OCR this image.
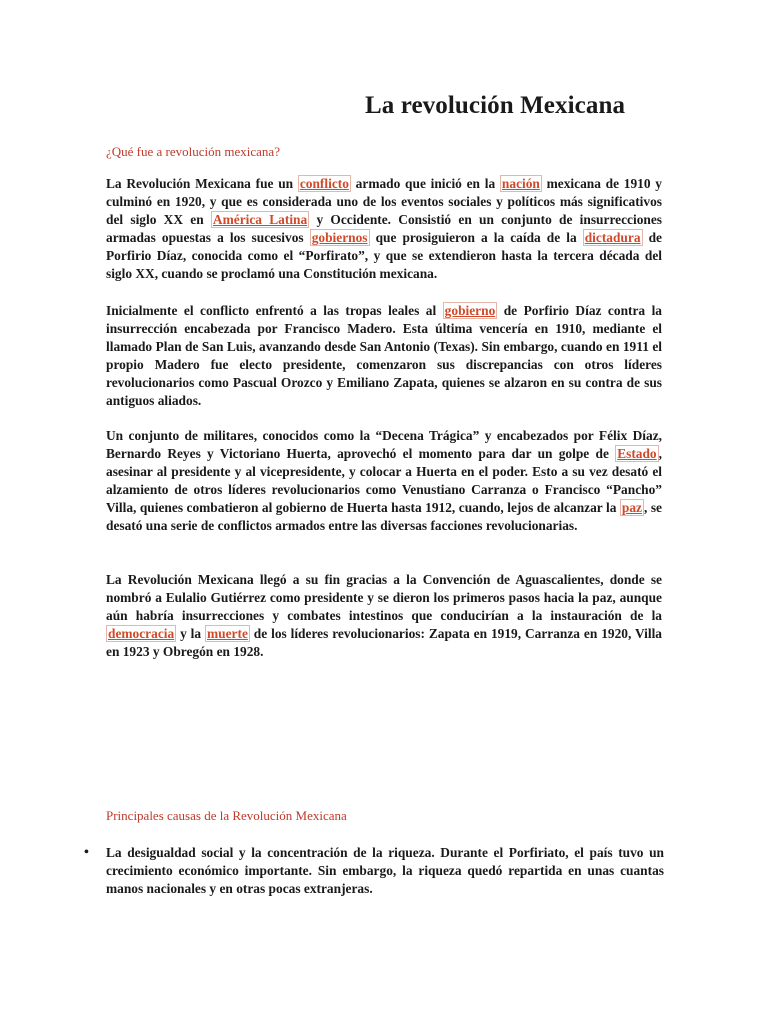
La revolución Mexicana

¿Qué fue a revolución mexicana?

La Revolución Mexicana fue un conflicto armado que inició en la nación mexicana de 1910 y culminó en 1920, y que es considerada uno de los eventos sociales y políticos más significativos del siglo XX en América Latina y Occidente. Consistió en un conjunto de insurrecciones armadas opuestas a los sucesivos gobiernos que prosiguieron a la caída de la dictadura de Porfirio Díaz, conocida como el “Porfirato”, y que se extendieron hasta la tercera década del siglo XX, cuando se proclamó una Constitución mexicana.

Inicialmente el conflicto enfrentó a las tropas leales al gobierno de Porfirio Díaz contra la insurrección encabezada por Francisco Madero. Esta última vencería en 1910, mediante el llamado Plan de San Luis, avanzando desde San Antonio (Texas). Sin embargo, cuando en 1911 el propio Madero fue electo presidente, comenzaron sus discrepancias con otros líderes revolucionarios como Pascual Orozco y Emiliano Zapata, quienes se alzaron en su contra de sus antiguos aliados.

Un conjunto de militares, conocidos como la “Decena Trágica” y encabezados por Félix Díaz, Bernardo Reyes y Victoriano Huerta, aprovechó el momento para dar un golpe de Estado , asesinar al presidente y al vicepresidente, y colocar a Huerta en el poder. Esto a su vez desató el alzamiento de otros líderes revolucionarios como Venustiano Carranza o Francisco “Pancho” Villa, quienes combatieron al gobierno de Huerta hasta 1912, cuando, lejos de alcanzar la paz , se desató una serie de conflictos armados entre las diversas facciones revolucionarias.

La Revolución Mexicana llegó a su fin gracias a la Convención de Aguascalientes, donde se nombró a Eulalio Gutiérrez como presidente y se dieron los primeros pasos hacia la paz, aunque aún habría insurrecciones y combates intestinos que conducirían a la instauración de la democracia y la muerte de los líderes revolucionarios: Zapata en 1919, Carranza en 1920, Villa en 1923 y Obregón en 1928.

Principales causas de la Revolución Mexicana

• La desigualdad social y la concentración de la riqueza. Durante el Porfiriato, el país tuvo un crecimiento económico importante. Sin embargo, la riqueza quedó repartida en unas cuantas manos nacionales y en otras pocas extranjeras.
